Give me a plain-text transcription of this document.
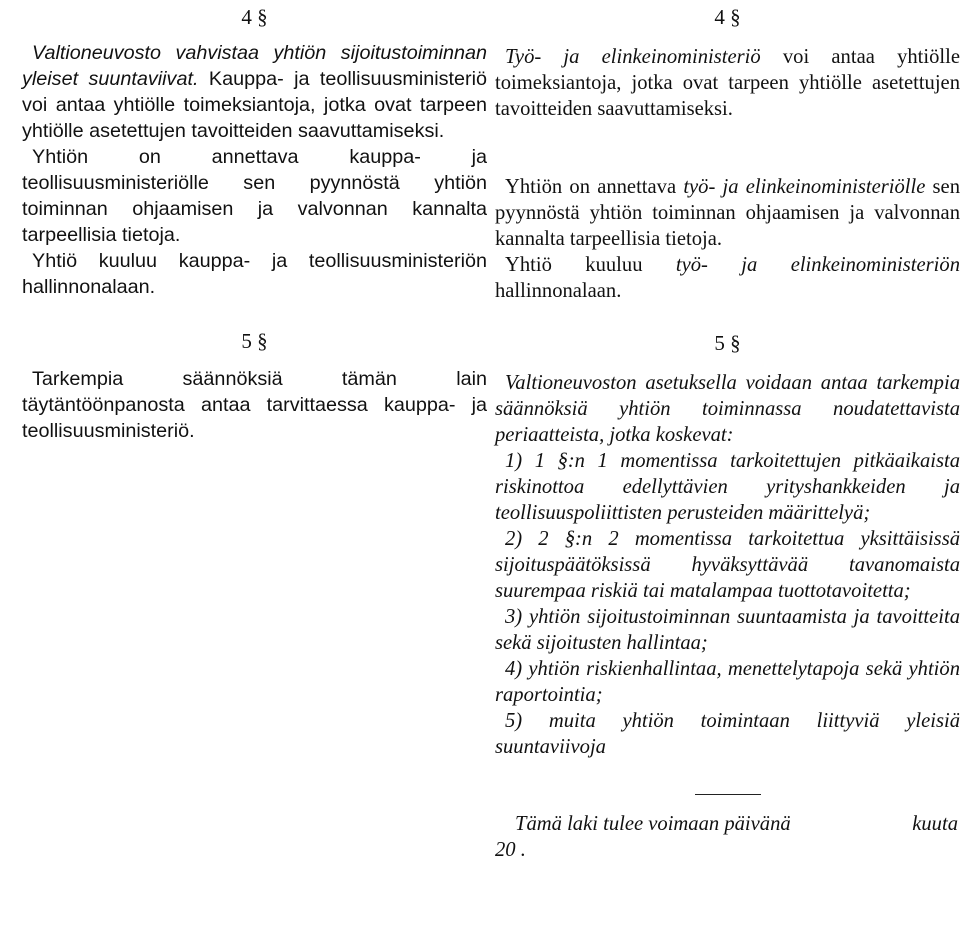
4 §

Valtioneuvosto vahvistaa yhtiön sijoitustoiminnan yleiset suuntaviivat. Kauppa- ja teollisuusministeriö voi antaa yhtiölle toimeksiantoja, jotka ovat tarpeen yhtiölle asetettujen tavoitteiden saavuttamiseksi.

Yhtiön on annettava kauppa- ja teollisuusministeriölle sen pyynnöstä yhtiön toiminnan ohjaamisen ja valvonnan kannalta tarpeellisia tietoja.

Yhtiö kuuluu kauppa- ja teollisuusministeriön hallinnonalaan.

5 §

Tarkempia säännöksiä tämän lain täytäntöönpanosta antaa tarvittaessa kauppa- ja teollisuusministeriö.

4 §

Työ- ja elinkeinoministeriö voi antaa yhtiölle toimeksiantoja, jotka ovat tarpeen yhtiölle asetettujen tavoitteiden saavuttamiseksi.

Yhtiön on annettava työ- ja elinkeinoministeriölle sen pyynnöstä yhtiön toiminnan ohjaamisen ja valvonnan kannalta tarpeellisia tietoja.

Yhtiö kuuluu työ- ja elinkeinoministeriön hallinnonalaan.

5 §

Valtioneuvoston asetuksella voidaan antaa tarkempia säännöksiä yhtiön toiminnassa noudatettavista periaatteista, jotka koskevat:

1) 1 §:n 1 momentissa tarkoitettujen pitkäaikaista riskinottoa edellyttävien yrityshankkeiden ja teollisuuspoliittisten perusteiden määrittelyä;

2) 2 §:n 2 momentissa tarkoitettua yksittäisissä sijoituspäätöksissä hyväksyttävää tavanomaista suurempaa riskiä tai matalampaa tuottotavoitetta;

3) yhtiön sijoitustoiminnan suuntaamista ja tavoitteita sekä sijoitusten hallintaa;

4) yhtiön riskienhallintaa, menettelytapoja sekä yhtiön raportointia;

5) muita yhtiön toimintaan liittyviä yleisiä suuntaviivoja

Tämä laki tulee voimaan päivänä	kuuta
20 .
